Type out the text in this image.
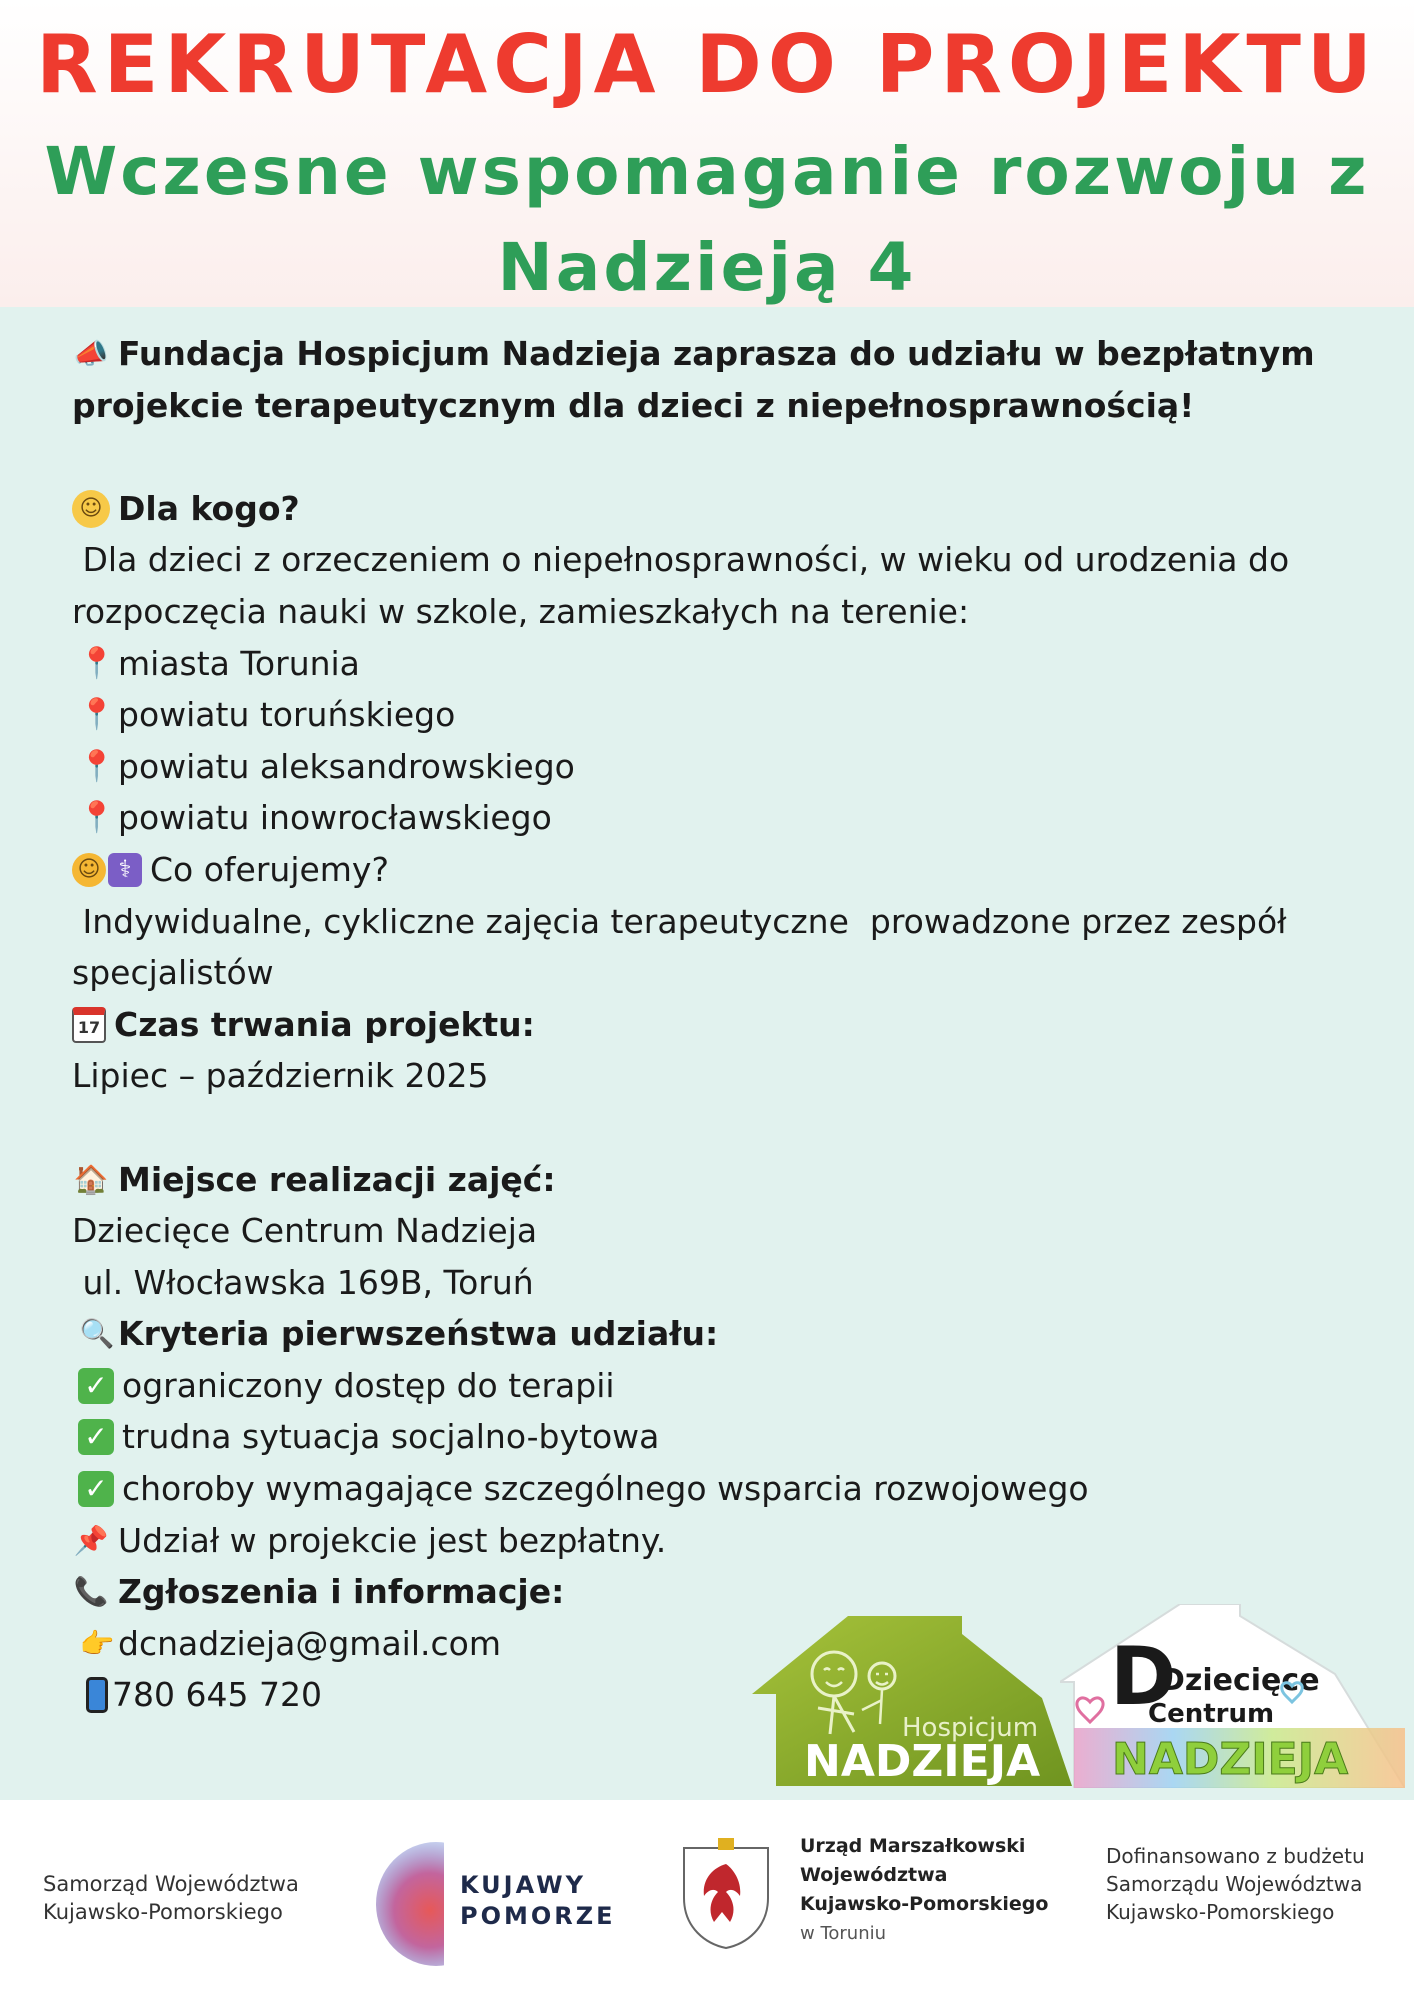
REKRUTACJA DO PROJEKTU
Wczesne wspomaganie rozwoju z
Nadzieją 4
📣 Fundacja Hospicjum Nadzieja zaprasza do udziału w bezpłatnym
projekcie terapeutycznym dla dzieci z niepełnosprawnością!
☺ Dla kogo?
Dla dzieci z orzeczeniem o niepełnosprawności, w wieku od urodzenia do
rozpoczęcia nauki w szkole, zamieszkałych na terenie:
📍 miasta Torunia
📍 powiatu toruńskiego
📍 powiatu aleksandrowskiego
📍 powiatu inowrocławskiego
☺ ⚕ Co oferujemy?
Indywidualne, cykliczne zajęcia terapeutyczne  prowadzone przez zespół
specjalistów
17 Czas trwania projektu:
Lipiec – październik 2025
🏠 Miejsce realizacji zajęć:
Dziecięce Centrum Nadzieja
ul. Włocławska 169B, Toruń
🔍 Kryteria pierwszeństwa udziału:
✓ ograniczony dostęp do terapii
✓ trudna sytuacja socjalno-bytowa
✓ choroby wymagające szczególnego wsparcia rozwojowego
📌 Udział w projekcie jest bezpłatny.
📞 Zgłoszenia i informacje:
👉 dcnadzieja@gmail.com
780 645 720
Hospicjum
NADZIEJA
D
Dziecięce
Centrum
NADZIEJA
Samorząd Województwa
Kujawsko-Pomorskiego
KUJAWY
POMORZE
Urząd Marszałkowski
Województwa
Kujawsko-Pomorskiego
w Toruniu
Dofinansowano z budżetu
Samorządu Województwa
Kujawsko-Pomorskiego
